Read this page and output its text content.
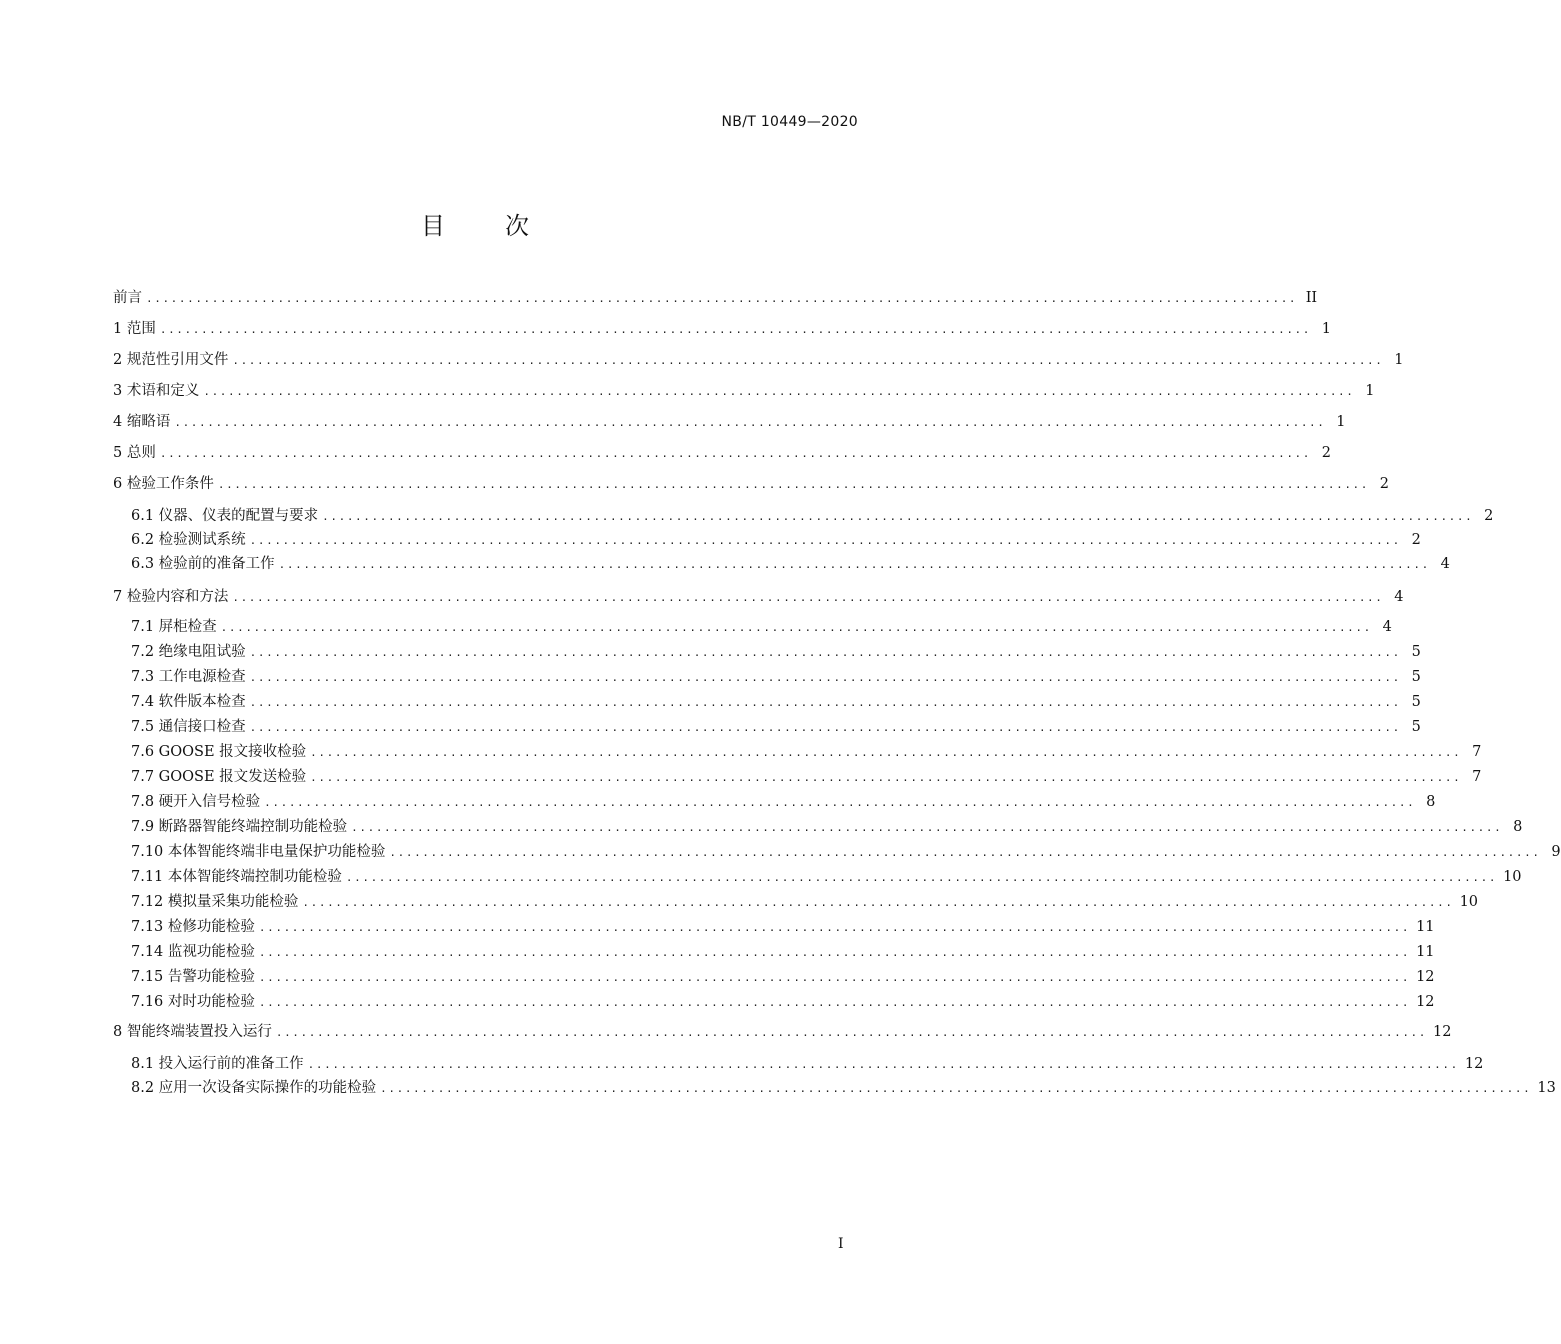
NB/T 10449—2020
目	次
前言 ............................................................................................................................................ II
1 范围 ............................................................................................................................................ 1
2 规范性引用文件 ............................................................................................................................................ 1
3 术语和定义 ............................................................................................................................................ 1
4 缩略语 ............................................................................................................................................ 1
5 总则 ............................................................................................................................................ 2
6 检验工作条件 ............................................................................................................................................ 2
6.1 仪器、仪表的配置与要求 ............................................................................................................................................ 2
6.2 检验测试系统 ............................................................................................................................................ 2
6.3 检验前的准备工作 ............................................................................................................................................ 4
7 检验内容和方法 ............................................................................................................................................ 4
7.1 屏柜检查 ............................................................................................................................................ 4
7.2 绝缘电阻试验 ............................................................................................................................................ 5
7.3 工作电源检查 ............................................................................................................................................ 5
7.4 软件版本检查 ............................................................................................................................................ 5
7.5 通信接口检查 ............................................................................................................................................ 5
7.6 GOOSE 报文接收检验 ............................................................................................................................................ 7
7.7 GOOSE 报文发送检验 ............................................................................................................................................ 7
7.8 硬开入信号检验 ............................................................................................................................................ 8
7.9 断路器智能终端控制功能检验 ............................................................................................................................................ 8
7.10 本体智能终端非电量保护功能检验 ............................................................................................................................................ 9
7.11 本体智能终端控制功能检验 ............................................................................................................................................ 10
7.12 模拟量采集功能检验 ............................................................................................................................................ 10
7.13 检修功能检验 ............................................................................................................................................ 11
7.14 监视功能检验 ............................................................................................................................................ 11
7.15 告警功能检验 ............................................................................................................................................ 12
7.16 对时功能检验 ............................................................................................................................................ 12
8 智能终端装置投入运行 ............................................................................................................................................ 12
8.1 投入运行前的准备工作 ............................................................................................................................................ 12
8.2 应用一次设备实际操作的功能检验 ............................................................................................................................................ 13
I
